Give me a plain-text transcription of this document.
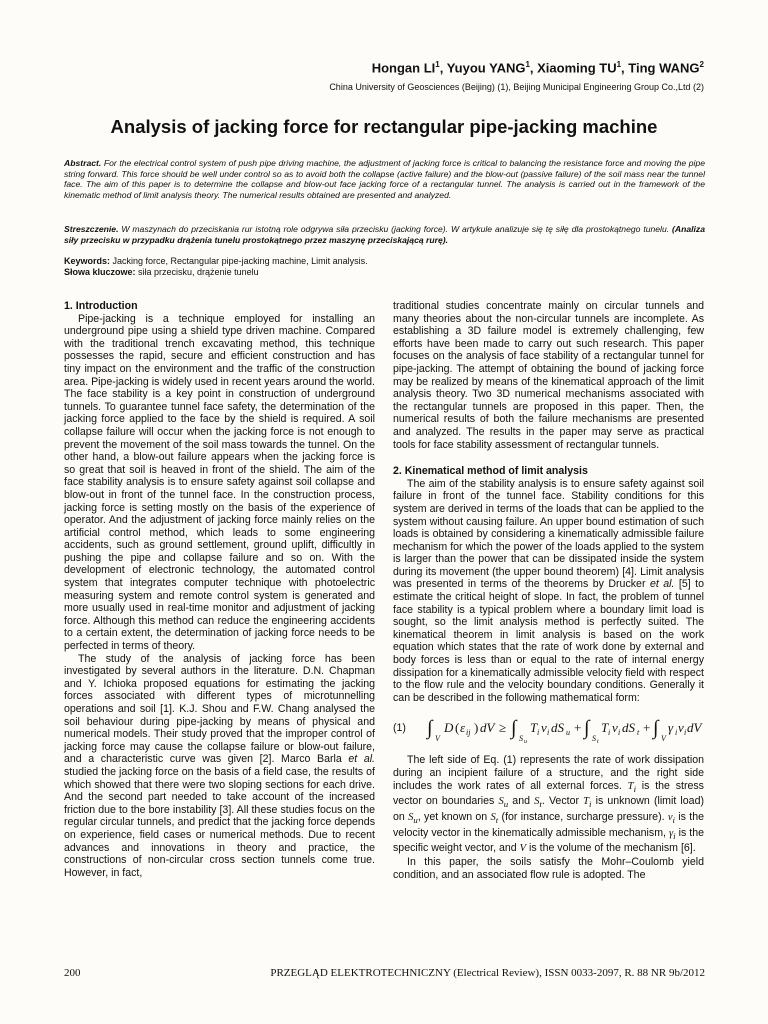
Hongan $LI^1$, Yuyou YANG$^1$, Xiaoming $TU^1$, Ting WANG$^2$
China University of Geosciences (Beijing) (1), Beijing Municipal Engineering Group Co.,Ltd (2)
Analysis of jacking force for rectangular pipe-jacking machine
Abstract. For the electrical control system of push pipe driving machine, the adjustment of jacking force is critical to balancing the resistance force and moving the pipe string forward. This force should be well under control so as to avoid both the collapse (active failure) and the blow-out (passive failure) of the soil mass near the tunnel face. The aim of this paper is to determine the collapse and blow-out face jacking force of a rectangular tunnel. The analysis is carried out in the framework of the kinematic method of limit analysis theory. The numerical results obtained are presented and analyzed.
Streszczenie. W maszynach do przeciskania rur istotną role odgrywa siła przecisku (jacking force). W artykule analizuje się tę siłę dla prostokątnego tunelu. (Analiza siły przecisku w przypadku drążenia tunelu prostokątnego przez maszynę przeciskającą rurę).
Keywords: Jacking force, Rectangular pipe-jacking machine, Limit analysis.
Słowa kluczowe: siła przecisku, drążenie tunelu
1. Introduction

Pipe-jacking is a technique employed for installing an underground pipe using a shield type driven machine. Compared with the traditional trench excavating method, this technique possesses the rapid, secure and efficient construction and has tiny impact on the environment and the traffic of the construction area. Pipe-jacking is widely used in recent years around the world. The face stability is a key point in construction of underground tunnels. To guarantee tunnel face safety, the determination of the jacking force applied to the face by the shield is required. A soil collapse failure will occur when the jacking force is not enough to prevent the movement of the soil mass towards the tunnel. On the other hand, a blow-out failure appears when the jacking force is so great that soil is heaved in front of the shield. The aim of the face stability analysis is to ensure safety against soil collapse and blow-out in front of the tunnel face. In the construction process, jacking force is setting mostly on the basis of the experience of operator. And the adjustment of jacking force mainly relies on the artificial control method, which leads to some engineering accidents, such as ground settlement, ground uplift, difficultly in pushing the pipe and collapse failure and so on. With the development of electronic technology, the automated control system that integrates computer technique with photoelectric measuring system and remote control system is generated and more usually used in real-time monitor and adjustment of jacking force. Although this method can reduce the engineering accidents to a certain extent, the determination of jacking force needs to be perfected in terms of theory.

The study of the analysis of jacking force has been investigated by several authors in the literature. D.N. Chapman and Y. Ichioka proposed equations for estimating the jacking forces associated with different types of microtunnelling operations and soil [1]. K.J. Shou and F.W. Chang analysed the soil behaviour during pipe-jacking by means of physical and numerical models. Their study proved that the improper control of jacking force may cause the collapse failure or blow-out failure, and a characteristic curve was given [2]. Marco Barla et al. studied the jacking force on the basis of a field case, the results of which showed that there were two sloping sections for each drive. And the second part needed to take account of the increased friction due to the bore instability [3]. All these studies focus on the regular circular tunnels, and predict that the jacking force depends on experience, field cases or numerical methods. Due to recent advances and innovations in theory and practice, the constructions of non-circular cross section tunnels come true. However, in fact,

traditional studies concentrate mainly on circular tunnels and many theories about the non-circular tunnels are incomplete. As establishing a 3D failure model is extremely challenging, few efforts have been made to carry out such research. This paper focuses on the analysis of face stability of a rectangular tunnel for pipe-jacking. The attempt of obtaining the bound of jacking force may be realized by means of the kinematical approach of the limit analysis theory. Two 3D numerical mechanisms associated with the rectangular tunnels are proposed in this paper. Then, the numerical results of both the failure mechanisms are presented and analyzed. The results in the paper may serve as practical tools for face stability assessment of rectangular tunnels.

2. Kinematical method of limit analysis

The aim of the stability analysis is to ensure safety against soil failure in front of the tunnel face. Stability conditions for this system are derived in terms of the loads that can be applied to the system without causing failure. An upper bound estimation of such loads is obtained by considering a kinematically admissible failure mechanism for which the power of the loads applied to the system is larger than the power that can be dissipated inside the system during its movement (the upper bound theorem) [4]. Limit analysis was presented in terms of the theorems by Drucker et al. [5] to estimate the critical height of slope. In fact, the problem of tunnel face stability is a typical problem where a boundary limit load is sought, so the limit analysis method is perfectly suited. The kinematical theorem in limit analysis is based on the work equation which states that the rate of work done by external and body forces is less than or equal to the rate of internal energy dissipation for a kinematically admissible velocity field with respect to the flow rule and the velocity boundary conditions. Generally it can be described in the following mathematical form:

(1)	∫ V
D ( ε ij ) dV ≥ ∫ S u
T i v i dS u + ∫ S t
T i v i dS t + ∫ V
γ i v i dV

The left side of Eq. (1) represents the rate of work dissipation during an incipient failure of a structure, and the right side includes the work rates of all external forces. $T_i$ is the stress vector on boundaries $S_u$ and $S_t$. Vector $T_i$ is unknown (limit load) on $S_u$, yet known on $S_t$ (for instance, surcharge pressure). $v_i$ is the velocity vector in the kinematically admissible mechanism, $\gamma_i$ is the specific weight vector, and V is the volume of the mechanism [6].

In this paper, the soils satisfy the Mohr–Coulomb yield condition, and an associated flow rule is adopted. The

200	PRZEGLĄD ELEKTROTECHNICZNY (Electrical Review), ISSN 0033-2097, R. 88 NR 9b/2012
